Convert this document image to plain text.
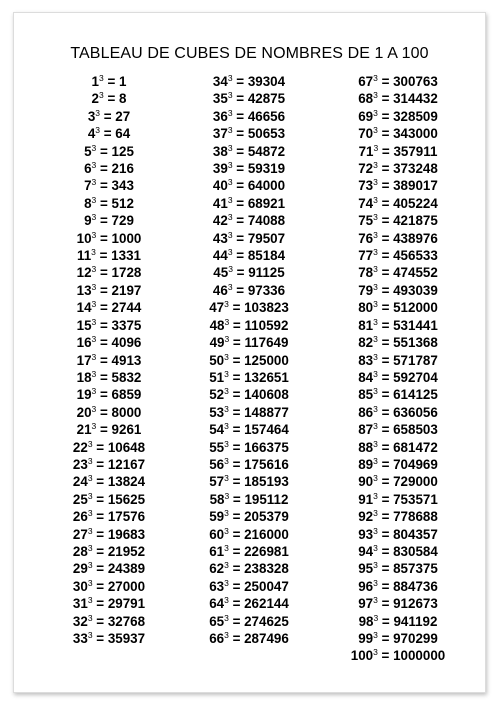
TABLEAU DE CUBES DE NOMBRES DE 1 A 100
$1^3 = 1$
$2^3 = 8$
$3^3 = 27$
$4^3 = 64$
$5^3 = 125$
$6^3 = 216$
$7^3 = 343$
$8^3 = 512$
$9^3 = 729$
$10^3 = 1000$
$11^3 = 1331$
$12^3 = 1728$
$13^3 = 2197$
$14^3 = 2744$
$15^3 = 3375$
$16^3 = 4096$
$17^3 = 4913$
$18^3 = 5832$
$19^3 = 6859$
$20^3 = 8000$
$21^3 = 9261$
$22^3 = 10648$
$23^3 = 12167$
$24^3 = 13824$
$25^3 = 15625$
$26^3 = 17576$
$27^3 = 19683$
$28^3 = 21952$
$29^3 = 24389$
$30^3 = 27000$
$31^3 = 29791$
$32^3 = 32768$
$33^3 = 35937$
$34^3 = 39304$
$35^3 = 42875$
$36^3 = 46656$
$37^3 = 50653$
$38^3 = 54872$
$39^3 = 59319$
$40^3 = 64000$
$41^3 = 68921$
$42^3 = 74088$
$43^3 = 79507$
$44^3 = 85184$
$45^3 = 91125$
$46^3 = 97336$
$47^3 = 103823$
$48^3 = 110592$
$49^3 = 117649$
$50^3 = 125000$
$51^3 = 132651$
$52^3 = 140608$
$53^3 = 148877$
$54^3 = 157464$
$55^3 = 166375$
$56^3 = 175616$
$57^3 = 185193$
$58^3 = 195112$
$59^3 = 205379$
$60^3 = 216000$
$61^3 = 226981$
$62^3 = 238328$
$63^3 = 250047$
$64^3 = 262144$
$65^3 = 274625$
$66^3 = 287496$
$67^3 = 300763$
$68^3 = 314432$
$69^3 = 328509$
$70^3 = 343000$
$71^3 = 357911$
$72^3 = 373248$
$73^3 = 389017$
$74^3 = 405224$
$75^3 = 421875$
$76^3 = 438976$
$77^3 = 456533$
$78^3 = 474552$
$79^3 = 493039$
$80^3 = 512000$
$81^3 = 531441$
$82^3 = 551368$
$83^3 = 571787$
$84^3 = 592704$
$85^3 = 614125$
$86^3 = 636056$
$87^3 = 658503$
$88^3 = 681472$
$89^3 = 704969$
$90^3 = 729000$
$91^3 = 753571$
$92^3 = 778688$
$93^3 = 804357$
$94^3 = 830584$
$95^3 = 857375$
$96^3 = 884736$
$97^3 = 912673$
$98^3 = 941192$
$99^3 = 970299$
$100^3 = 1000000$
